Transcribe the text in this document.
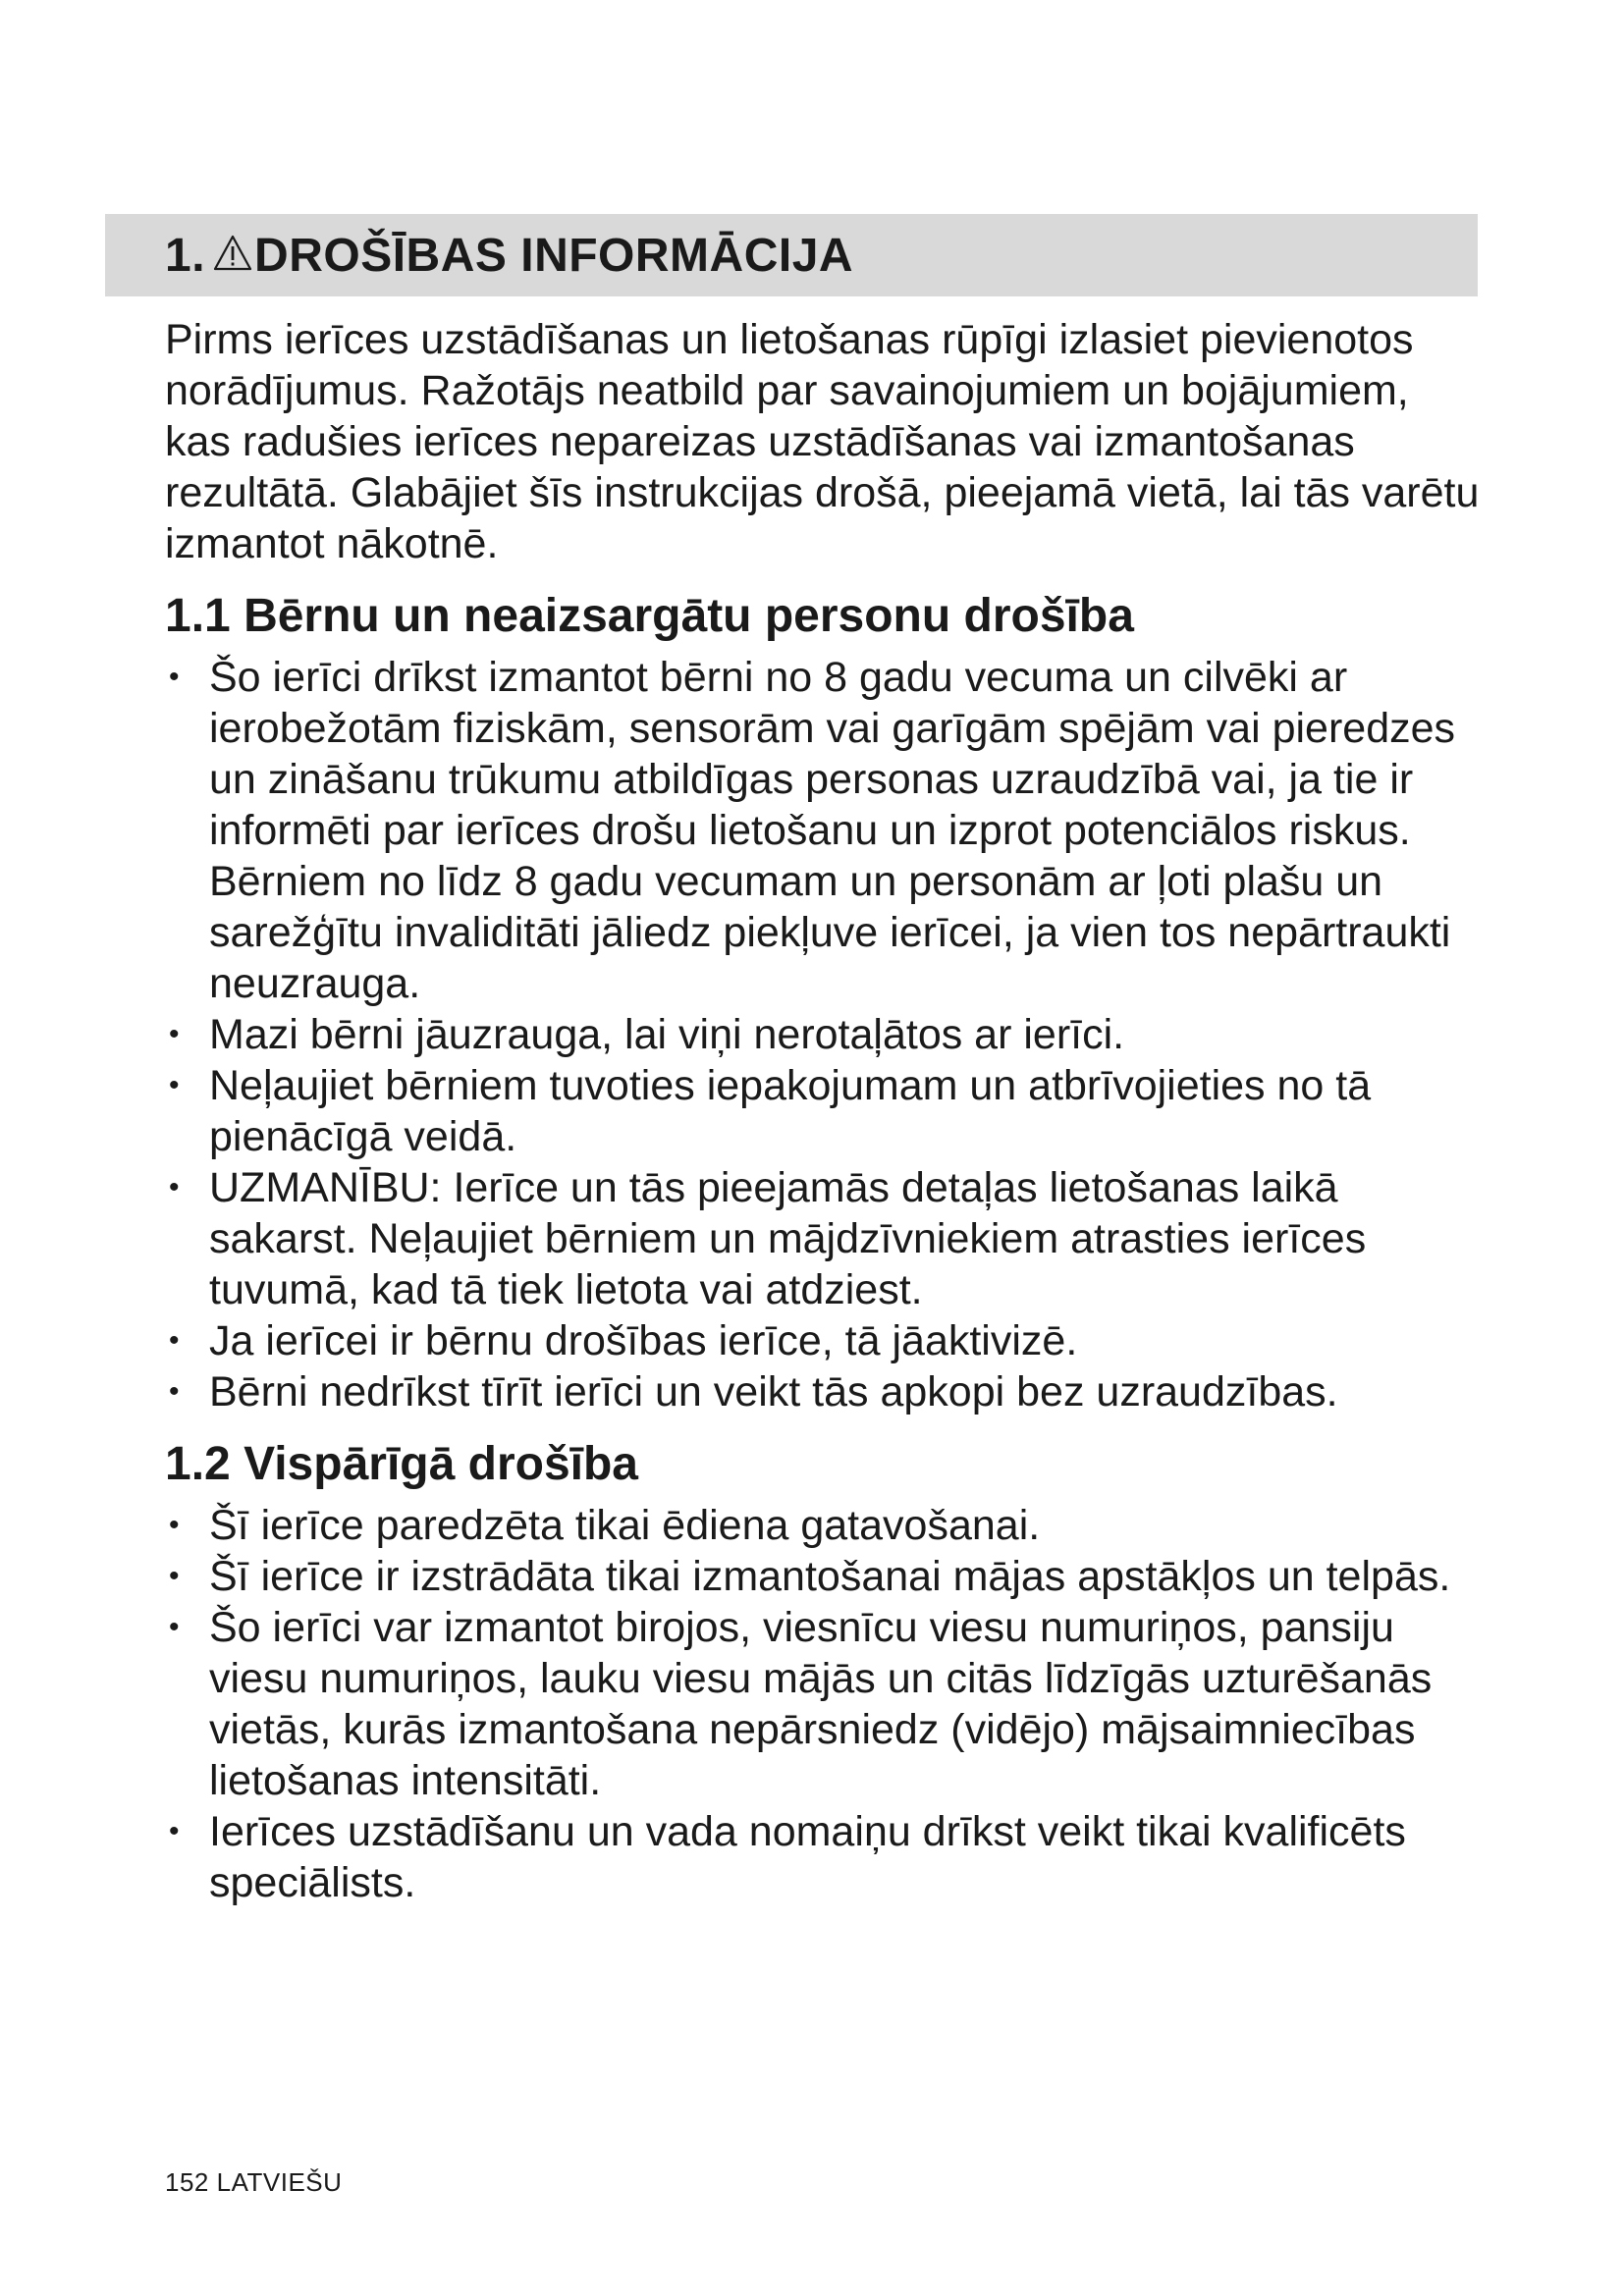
1. DROŠĪBAS INFORMĀCIJA

Pirms ierīces uzstādīšanas un lietošanas rūpīgi izlasiet pievienotos norādījumus. Ražotājs neatbild par savainojumiem un bojājumiem, kas radušies ierīces nepareizas uzstādīšanas vai izmantošanas rezultātā. Glabājiet šīs instrukcijas drošā, pieejamā vietā, lai tās varētu izmantot nākotnē.

1.1 Bērnu un neaizsargātu personu drošība
• Šo ierīci drīkst izmantot bērni no 8 gadu vecuma un cilvēki ar ierobežotām fiziskām, sensorām vai garīgām spējām vai pieredzes un zināšanu trūkumu atbildīgas personas uzraudzībā vai, ja tie ir informēti par ierīces drošu lietošanu un izprot potenciālos riskus. Bērniem no līdz 8 gadu vecumam un personām ar ļoti plašu un sarežģītu invaliditāti jāliedz piekļuve ierīcei, ja vien tos nepārtraukti neuzrauga.
• Mazi bērni jāuzrauga, lai viņi nerotaļātos ar ierīci.
• Neļaujiet bērniem tuvoties iepakojumam un atbrīvojieties no tā pienācīgā veidā.
• UZMANĪBU: Ierīce un tās pieejamās detaļas lietošanas laikā sakarst. Neļaujiet bērniem un mājdzīvniekiem atrasties ierīces tuvumā, kad tā tiek lietota vai atdziest.
• Ja ierīcei ir bērnu drošības ierīce, tā jāaktivizē.
• Bērni nedrīkst tīrīt ierīci un veikt tās apkopi bez uzraudzības.
1.2 Vispārīgā drošība
• Šī ierīce paredzēta tikai ēdiena gatavošanai.
• Šī ierīce ir izstrādāta tikai izmantošanai mājas apstākļos un telpās.
• Šo ierīci var izmantot birojos, viesnīcu viesu numuriņos, pansiju viesu numuriņos, lauku viesu mājās un citās līdzīgās uzturēšanās vietās, kurās izmantošana nepārsniedz (vidējo) mājsaimniecības lietošanas intensitāti.
• Ierīces uzstādīšanu un vada nomaiņu drīkst veikt tikai kvalificēts speciālists.
152 LATVIEŠU
